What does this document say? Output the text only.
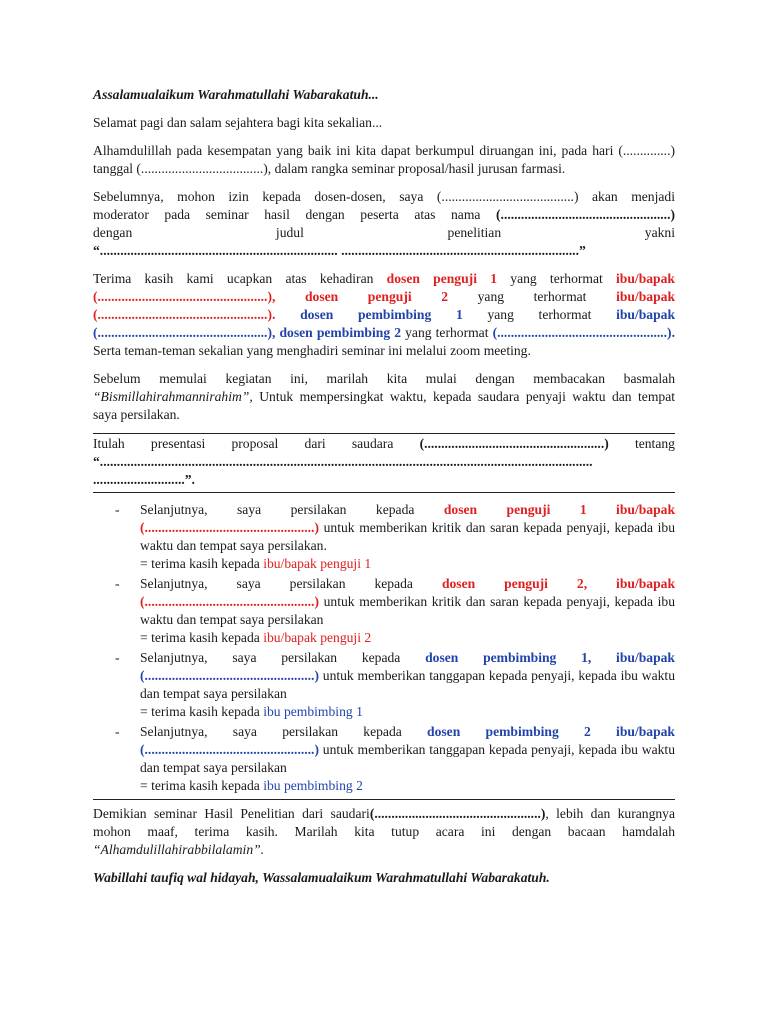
Assalamualaikum Warahmatullahi Wabarakatuh...

Selamat pagi dan salam sejahtera bagi kita sekalian...

Alhamdulillah pada kesempatan yang baik ini kita dapat berkumpul diruangan ini, pada hari (..............) tanggal (....................................), dalam rangka seminar proposal/hasil jurusan farmasi.

Sebelumnya, mohon izin kepada dosen-dosen, saya (.......................................) akan menjadi

moderator pada seminar hasil dengan peserta atas nama (..................................................)

dengan	judul	penelitian	yakni

“...................................................................... ......................................................................”

Terima kasih kami ucapkan atas kehadiran dosen penguji 1 yang terhormat ibu/bapak (..................................................), dosen penguji 2 yang terhormat ibu/bapak (..................................................). dosen pembimbing 1 yang terhormat ibu/bapak (..................................................), dosen pembimbing 2 yang terhormat (..................................................). Serta teman-teman sekalian yang menghadiri seminar ini melalui zoom meeting.

Sebelum memulai kegiatan ini, marilah kita mulai dengan membacakan basmalah “Bismillahirahmannirahim”, Untuk mempersingkat waktu, kepada saudara penyaji waktu dan tempat saya persilakan.

Itulah presentasi proposal dari saudara (.....................................................) tentang

“.................................................................................................................................................

...........................”.

- Selanjutnya, saya persilakan kepada dosen penguji 1 ibu/bapak (..................................................) untuk memberikan kritik dan saran kepada penyaji, kepada ibu waktu dan tempat saya persilakan.

= terima kasih kepada ibu/bapak penguji 1

- Selanjutnya, saya persilakan kepada dosen penguji 2, ibu/bapak (..................................................) untuk memberikan kritik dan saran kepada penyaji, kepada ibu waktu dan tempat saya persilakan

= terima kasih kepada ibu/bapak penguji 2

- Selanjutnya, saya persilakan kepada dosen pembimbing 1, ibu/bapak (..................................................) untuk memberikan tanggapan kepada penyaji, kepada ibu waktu dan tempat saya persilakan

= terima kasih kepada ibu pembimbing 1

- Selanjutnya, saya persilakan kepada dosen pembimbing 2 ibu/bapak (..................................................) untuk memberikan tanggapan kepada penyaji, kepada ibu waktu dan tempat saya persilakan

= terima kasih kepada ibu pembimbing 2

Demikian seminar Hasil Penelitian dari saudari(.................................................), lebih dan kurangnya mohon maaf, terima kasih. Marilah kita tutup acara ini dengan bacaan hamdalah “Alhamdulillahirabbilalamin”.

Wabillahi taufiq wal hidayah, Wassalamualaikum Warahmatullahi Wabarakatuh.
